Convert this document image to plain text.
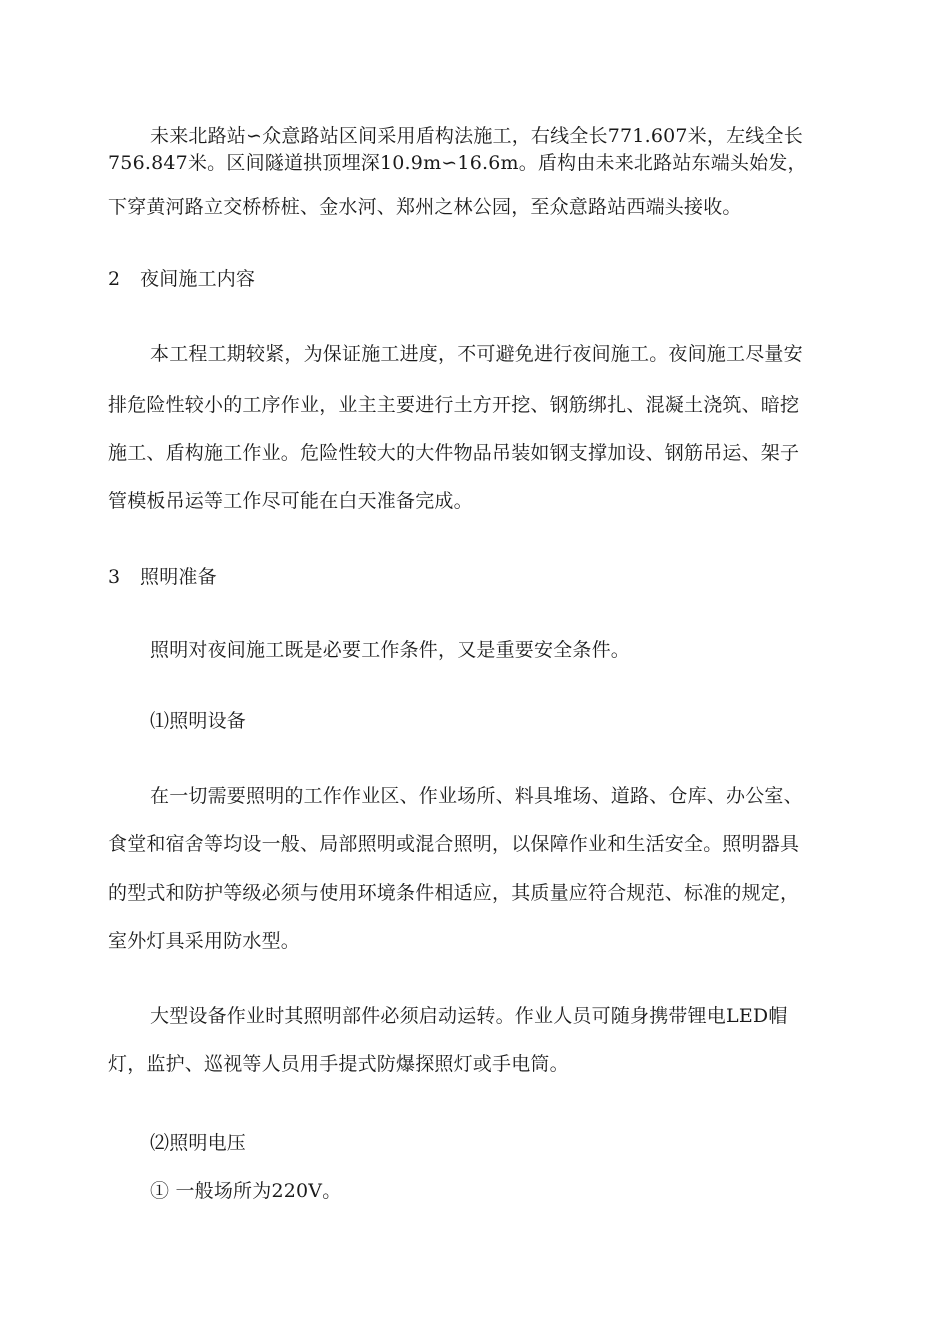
未来北路站∽众意路站区间采用盾构法施工，右线全长771.607米，左线全长
756.847米。区间隧道拱顶埋深10.9m∽16.6m。盾构由未来北路站东端头始发，
下穿黄河路立交桥桥桩、金水河、郑州之林公园，至众意路站西端头接收。
2 夜间施工内容
本工程工期较紧，为保证施工进度，不可避免进行夜间施工。夜间施工尽量安
排危险性较小的工序作业，业主主要进行土方开挖、钢筋绑扎、混凝土浇筑、暗挖
施工、盾构施工作业。危险性较大的大件物品吊装如钢支撑加设、钢筋吊运、架子
管模板吊运等工作尽可能在白天准备完成。
3 照明准备
照明对夜间施工既是必要工作条件，又是重要安全条件。
⑴照明设备
在一切需要照明的工作作业区、作业场所、料具堆场、道路、仓库、办公室、
食堂和宿舍等均设一般、局部照明或混合照明，以保障作业和生活安全。照明器具
的型式和防护等级必须与使用环境条件相适应，其质量应符合规范、标准的规定，
室外灯具采用防水型。
大型设备作业时其照明部件必须启动运转。作业人员可随身携带锂电LED帽
灯，监护、巡视等人员用手提式防爆探照灯或手电筒。
⑵照明电压
① 一般场所为220V。
